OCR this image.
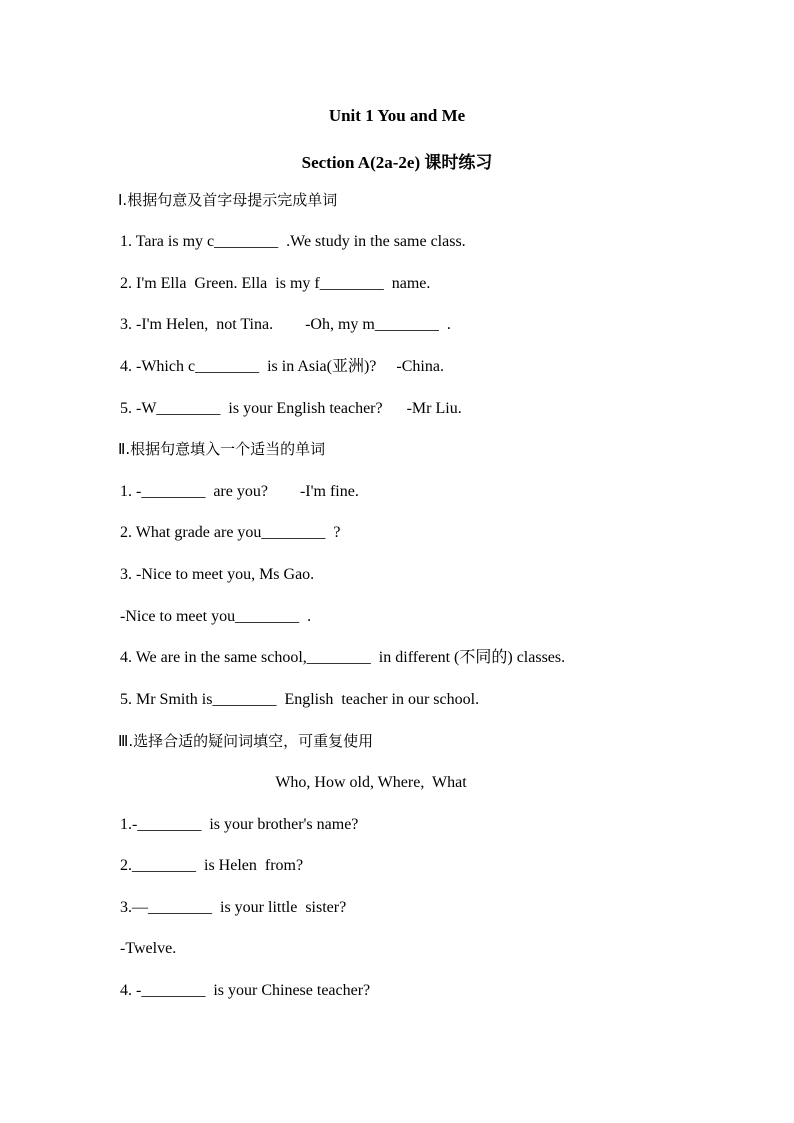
Unit 1 You and Me
Section A(2a-2e) 课时练习
I.根据句意及首字母提示完成单词
1. Tara is my c________  .We study in the same class.
2. I'm Ella  Green. Ella  is my f________  name.
3. -I'm Helen,  not Tina.        -Oh, my m________  .
4. -Which c________  is in Asia(亚洲)?     -China.
5. -W________  is your English teacher?      -Mr Liu.
Ⅱ.根据句意填入一个适当的单词
1. -________  are you?        -I'm fine.
2. What grade are you________  ?
3. -Nice to meet you, Ms Gao.
-Nice to meet you________  .
4. We are in the same school,________  in different (不同的) classes.
5. Mr Smith is________  English  teacher in our school.
Ⅲ.选择合适的疑问词填空，可重复使用
Who, How old, Where,  What
1.-________  is your brother's name?
2.________  is Helen  from?
3.—________  is your little  sister?
-Twelve.
4. -________  is your Chinese teacher?
